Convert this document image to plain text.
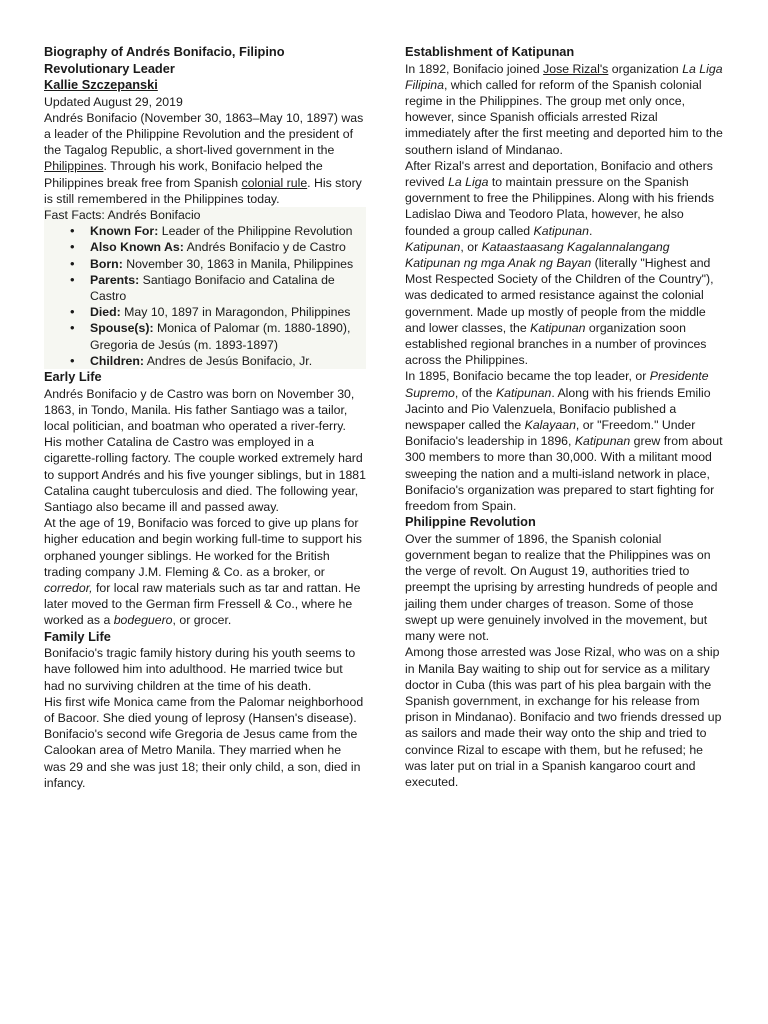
Biography of Andrés Bonifacio, Filipino Revolutionary Leader

Kallie Szczepanski

Updated August 29, 2019

Andrés Bonifacio (November 30, 1863–May 10, 1897) was a leader of the Philippine Revolution and the president of the Tagalog Republic, a short-lived government in the Philippines. Through his work, Bonifacio helped the Philippines break free from Spanish colonial rule. His story is still remembered in the Philippines today.

Fast Facts: Andrés Bonifacio

• Known For: Leader of the Philippine Revolution
• Also Known As: Andrés Bonifacio y de Castro
• Born: November 30, 1863 in Manila, Philippines
• Parents: Santiago Bonifacio and Catalina de Castro
• Died: May 10, 1897 in Maragondon, Philippines
• Spouse(s): Monica of Palomar (m. 1880-1890), Gregoria de Jesús (m. 1893-1897)
• Children: Andres de Jesús Bonifacio, Jr.
Early Life

Andrés Bonifacio y de Castro was born on November 30, 1863, in Tondo, Manila. His father Santiago was a tailor, local politician, and boatman who operated a river-ferry. His mother Catalina de Castro was employed in a cigarette-rolling factory. The couple worked extremely hard to support Andrés and his five younger siblings, but in 1881 Catalina caught tuberculosis and died. The following year, Santiago also became ill and passed away.

At the age of 19, Bonifacio was forced to give up plans for higher education and begin working full-time to support his orphaned younger siblings. He worked for the British trading company J.M. Fleming & Co. as a broker, or corredor, for local raw materials such as tar and rattan. He later moved to the German firm Fressell & Co., where he worked as a bodeguero, or grocer.

Family Life

Bonifacio's tragic family history during his youth seems to have followed him into adulthood. He married twice but had no surviving children at the time of his death.

His first wife Monica came from the Palomar neighborhood of Bacoor. She died young of leprosy (Hansen's disease). Bonifacio's second wife Gregoria de Jesus came from the Calookan area of Metro Manila. They married when he was 29 and she was just 18; their only child, a son, died in infancy.

Establishment of Katipunan

In 1892, Bonifacio joined Jose Rizal's organization La Liga Filipina, which called for reform of the Spanish colonial regime in the Philippines. The group met only once, however, since Spanish officials arrested Rizal immediately after the first meeting and deported him to the southern island of Mindanao.

After Rizal's arrest and deportation, Bonifacio and others revived La Liga to maintain pressure on the Spanish government to free the Philippines. Along with his friends Ladislao Diwa and Teodoro Plata, however, he also founded a group called Katipunan.

Katipunan, or Kataastaasang Kagalannalangang Katipunan ng mga Anak ng Bayan (literally "Highest and Most Respected Society of the Children of the Country"), was dedicated to armed resistance against the colonial government. Made up mostly of people from the middle and lower classes, the Katipunan organization soon established regional branches in a number of provinces across the Philippines.

In 1895, Bonifacio became the top leader, or Presidente Supremo, of the Katipunan. Along with his friends Emilio Jacinto and Pio Valenzuela, Bonifacio published a newspaper called the Kalayaan, or "Freedom." Under Bonifacio's leadership in 1896, Katipunan grew from about 300 members to more than 30,000. With a militant mood sweeping the nation and a multi-island network in place, Bonifacio's organization was prepared to start fighting for freedom from Spain.

Philippine Revolution

Over the summer of 1896, the Spanish colonial government began to realize that the Philippines was on the verge of revolt. On August 19, authorities tried to preempt the uprising by arresting hundreds of people and jailing them under charges of treason. Some of those swept up were genuinely involved in the movement, but many were not.

Among those arrested was Jose Rizal, who was on a ship in Manila Bay waiting to ship out for service as a military doctor in Cuba (this was part of his plea bargain with the Spanish government, in exchange for his release from prison in Mindanao). Bonifacio and two friends dressed up as sailors and made their way onto the ship and tried to convince Rizal to escape with them, but he refused; he was later put on trial in a Spanish kangaroo court and executed.
